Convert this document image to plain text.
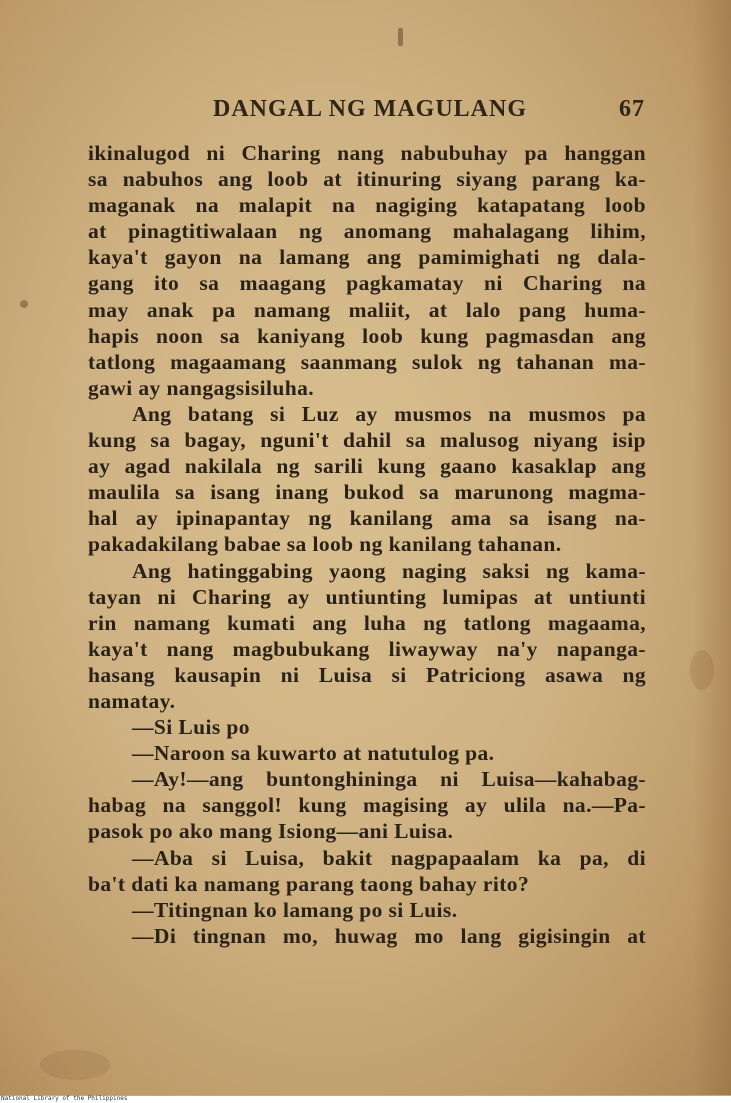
DANGAL NG MAGULANG	67
ikinalugod ni Charing nang nabubuhay pa hanggan
sa nabuhos ang loob at itinuring siyang parang ka-
maganak na malapit na nagiging katapatang loob
at pinagtitiwalaan ng anomang mahalagang lihim,
kaya't gayon na lamang ang pamimighati ng dala-
gang ito sa maagang pagkamatay ni Charing na
may anak pa namang maliit, at lalo pang huma-
hapis noon sa kaniyang loob kung pagmasdan ang
tatlong magaamang saanmang sulok ng tahanan ma-
gawi ay nangagsisiluha.
Ang batang si Luz ay musmos na musmos pa
kung sa bagay, nguni't dahil sa malusog niyang isip
ay agad nakilala ng sarili kung gaano kasaklap ang
maulila sa isang inang bukod sa marunong magma-
hal ay ipinapantay ng kanilang ama sa isang na-
pakadakilang babae sa loob ng kanilang tahanan.
Ang hatinggabing yaong naging saksi ng kama-
tayan ni Charing ay untiunting lumipas at untiunti
rin namang kumati ang luha ng tatlong magaama,
kaya't nang magbubukang liwayway na'y napanga-
hasang kausapin ni Luisa si Patriciong asawa ng
namatay.
—Si Luis po
—Naroon sa kuwarto at natutulog pa.
—Ay!—ang buntonghininga ni Luisa—kahabag-
habag na sanggol! kung magising ay ulila na.—Pa-
pasok po ako mang Isiong—ani Luisa.
—Aba si Luisa, bakit nagpapaalam ka pa, di
ba't dati ka namang parang taong bahay rito?
—Titingnan ko lamang po si Luis.
—Di tingnan mo, huwag mo lang gigisingin at
National Library of the Philippines
